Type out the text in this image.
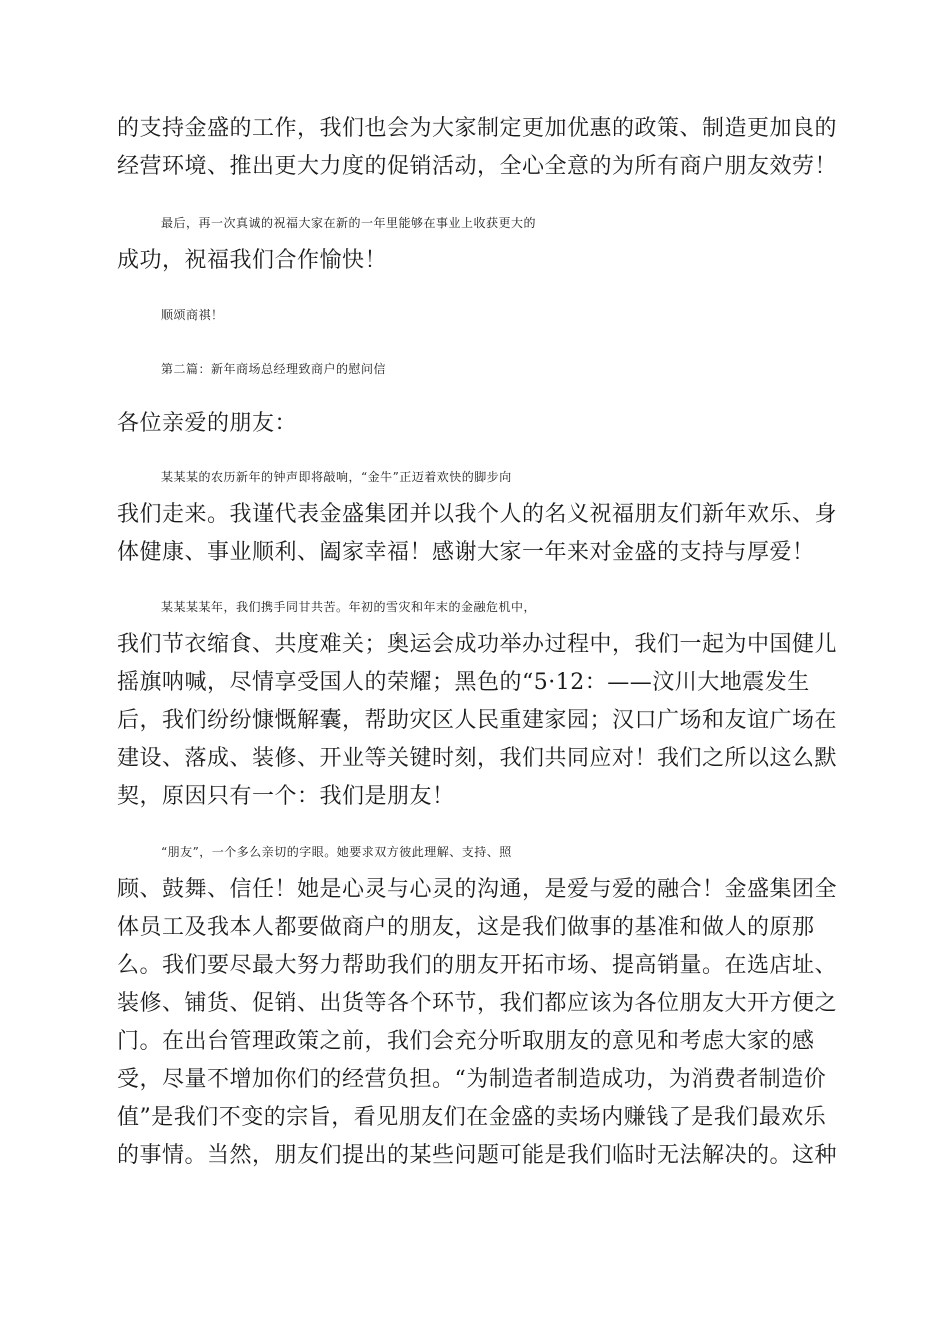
的支持金盛的工作，我们也会为大家制定更加优惠的政策、制造更加良的
经营环境、推出更大力度的促销活动，全心全意的为所有商户朋友效劳！
最后，再一次真诚的祝福大家在新的一年里能够在事业上收获更大的
成功，祝福我们合作愉快！
顺颂商祺！
第二篇：新年商场总经理致商户的慰问信
各位亲爱的朋友：
某某某的农历新年的钟声即将敲响，“金牛”正迈着欢快的脚步向
我们走来。我谨代表金盛集团并以我个人的名义祝福朋友们新年欢乐、身
体健康、事业顺利、阖家幸福！感谢大家一年来对金盛的支持与厚爱！
某某某某年，我们携手同甘共苦。年初的雪灾和年末的金融危机中，
我们节衣缩食、共度难关；奥运会成功举办过程中，我们一起为中国健儿
摇旗呐喊，尽情享受国人的荣耀；黑色的“5·12：——汶川大地震发生
后，我们纷纷慷慨解囊，帮助灾区人民重建家园；汉口广场和友谊广场在
建设、落成、装修、开业等关键时刻，我们共同应对！我们之所以这么默
契，原因只有一个：我们是朋友！
“朋友”，一个多么亲切的字眼。她要求双方彼此理解、支持、照
顾、鼓舞、信任！她是心灵与心灵的沟通，是爱与爱的融合！金盛集团全
体员工及我本人都要做商户的朋友，这是我们做事的基准和做人的原那
么。我们要尽最大努力帮助我们的朋友开拓市场、提高销量。在选店址、
装修、铺货、促销、出货等各个环节，我们都应该为各位朋友大开方便之
门。在出台管理政策之前，我们会充分听取朋友的意见和考虑大家的感
受，尽量不增加你们的经营负担。“为制造者制造成功，为消费者制造价
值”是我们不变的宗旨，看见朋友们在金盛的卖场内赚钱了是我们最欢乐
的事情。当然，朋友们提出的某些问题可能是我们临时无法解决的。这种
